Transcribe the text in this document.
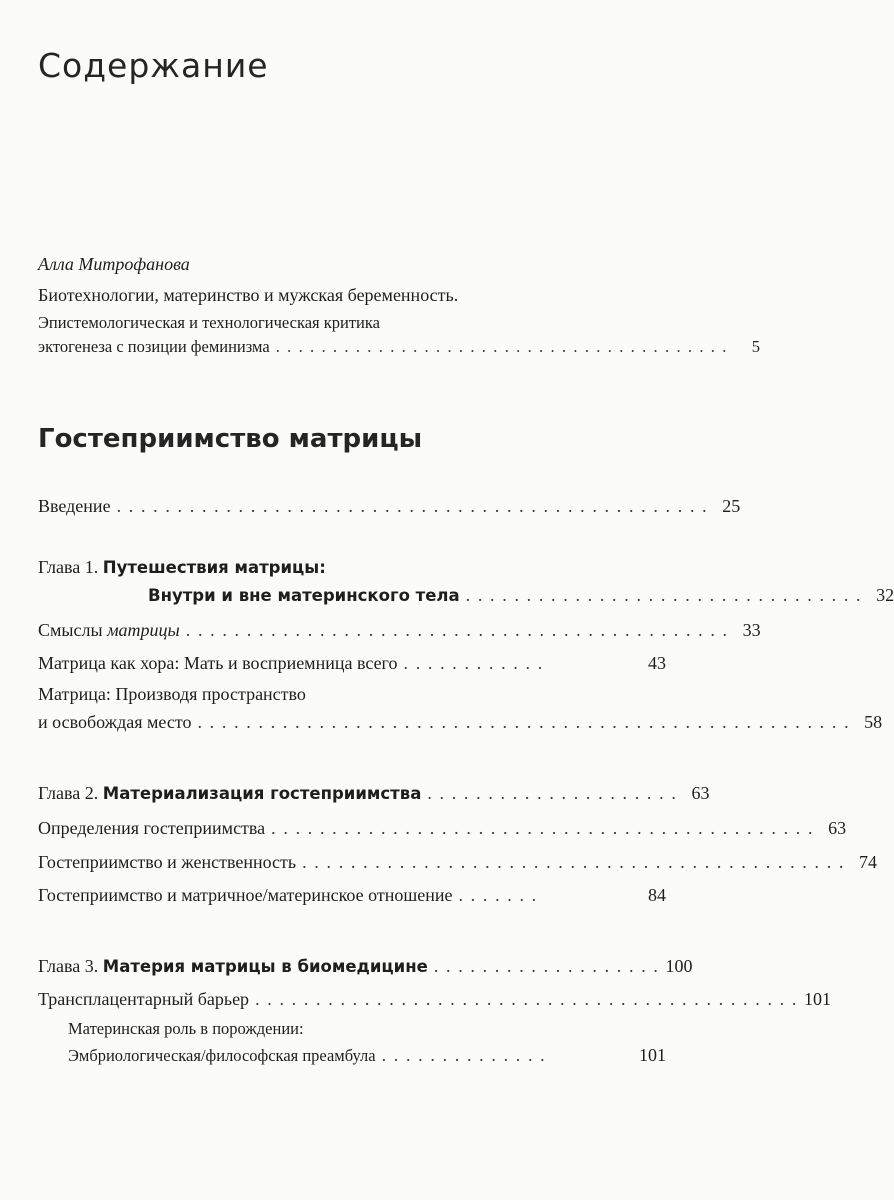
Содержание
Алла Митрофанова
Биотехнологии, материнство и мужская беременность.
Эпистемологическая и технологическая критика
эктогенеза с позиции феминизма . . . . . . . . . . . . . . . . . . . . . . . . . . . . . . . . . . . . . . . .	5
Гостеприимство матрицы
Введение . . . . . . . . . . . . . . . . . . . . . . . . . . . . . . . . . . . . . . . . . . . . . . . . . 25
Глава 1. Путешествия матрицы:
Внутри и вне материнского тела . . . . . . . . . . . . . . . . . . . . . . . . . . . . . . . . . 32
Смыслы матрицы . . . . . . . . . . . . . . . . . . . . . . . . . . . . . . . . . . . . . . . . . . . . . 33
Матрица как хора: Мать и восприемница всего . . . . . . . . . . . .	43
Матрица: Производя пространство
и освобождая место . . . . . . . . . . . . . . . . . . . . . . . . . . . . . . . . . . . . . . . . . . . . . . . . . . . . . . 58
Глава 2. Материализация гостеприимства . . . . . . . . . . . . . . . . . . . . . 63
Определения гостеприимства . . . . . . . . . . . . . . . . . . . . . . . . . . . . . . . . . . . . . . . . . . . . . 63
Гостеприимство и женственность . . . . . . . . . . . . . . . . . . . . . . . . . . . . . . . . . . . . . . . . . . . . . 74
Гостеприимство и матричное/материнское отношение . . . . . . .	84
Глава 3. Материя матрицы в биомедицине . . . . . . . . . . . . . . . . . . . 100
Трансплацентарный барьер . . . . . . . . . . . . . . . . . . . . . . . . . . . . . . . . . . . . . . . . . . . . . 101
Материнская роль в порождении:
Эмбриологическая/философская преамбула . . . . . . . . . . . . . .	101
